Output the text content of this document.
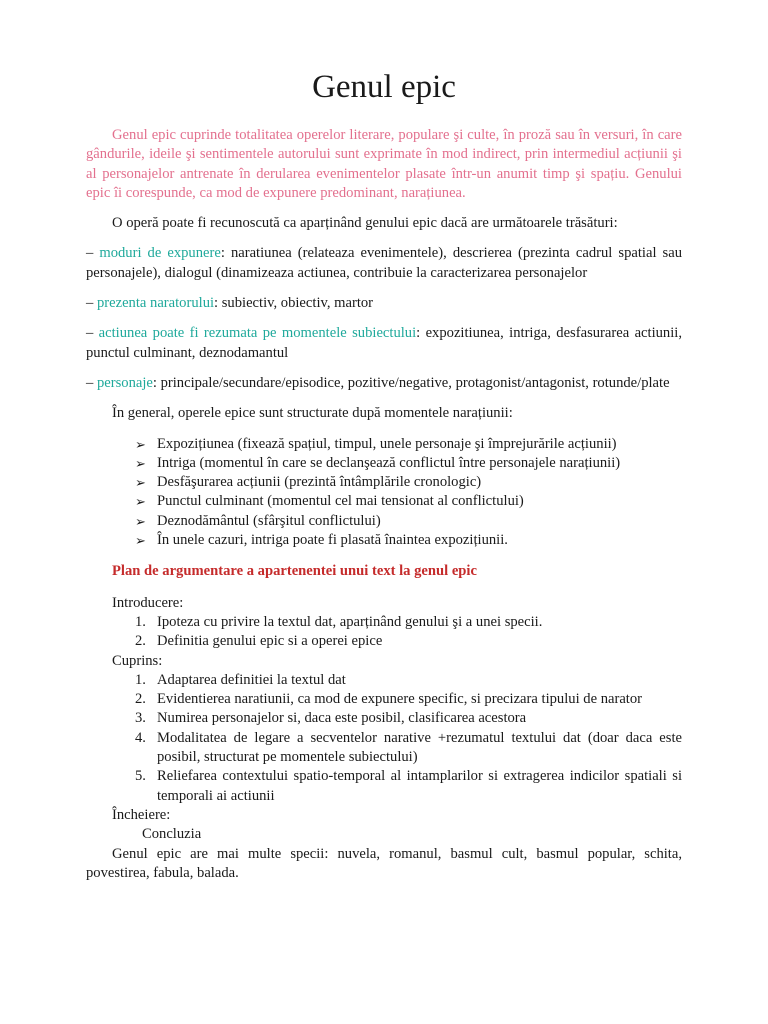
Genul epic

Genul epic cuprinde totalitatea operelor literare, populare şi culte, în proză sau în versuri, în care gândurile, ideile şi sentimentele autorului sunt exprimate în mod indirect, prin intermediul acțiunii şi al personajelor antrenate în derularea evenimentelor plasate într-un anumit timp şi spațiu. Genului epic îi corespunde, ca mod de expunere predominant, narațiunea.

O operă poate fi recunoscută ca aparținând genului epic dacă are următoarele trăsături:

– moduri de expunere: naratiunea (relateaza evenimentele), descrierea (prezinta cadrul spatial sau personajele), dialogul (dinamizeaza actiunea, contribuie la caracterizarea personajelor

– prezenta naratorului: subiectiv, obiectiv, martor

– actiunea poate fi rezumata pe momentele subiectului: expozitiunea, intriga, desfasurarea actiunii, punctul culminant, deznodamantul

– personaje: principale/secundare/episodice, pozitive/negative, protagonist/antagonist, rotunde/plate

În general, operele epice sunt structurate după momentele narațiunii:

➢ Expozițiunea (fixează spațiul, timpul, unele personaje şi împrejurările acțiunii)
➢ Intriga (momentul în care se declanşează conflictul între personajele narațiunii)
➢ Desfăşurarea acțiunii (prezintă întâmplările cronologic)
➢ Punctul culminant (momentul cel mai tensionat al conflictului)
➢ Deznodământul (sfârşitul conflictului)
➢ În unele cazuri, intriga poate fi plasată înaintea expozițiunii.

Plan de argumentare a apartenentei unui text la genul epic

Introducere:

1. Ipoteza cu privire la textul dat, aparținând genului şi a unei specii.
2. Definitia genului epic si a operei epice

Cuprins:

1. Adaptarea definitiei la textul dat
2. Evidentierea naratiunii, ca mod de expunere specific, si precizara tipului de narator
3. Numirea personajelor si, daca este posibil, clasificarea acestora
4. Modalitatea de legare a secventelor narative +rezumatul textului dat (doar daca este posibil, structurat pe momentele subiectului)
5. Reliefarea contextului spatio-temporal al intamplarilor si extragerea indicilor spatiali si temporali ai actiunii

Încheiere:

Concluzia

Genul epic are mai multe specii: nuvela, romanul, basmul cult, basmul popular, schita, povestirea, fabula, balada.
